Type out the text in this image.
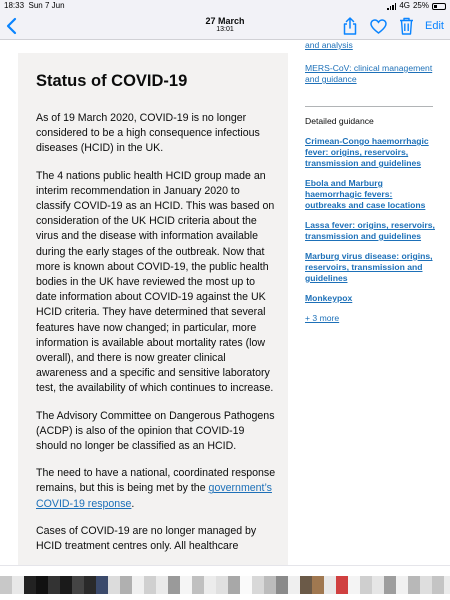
18:33 Sun 7 Jun	4G 25%
27 March
13:01	Edit
Status of COVID-19

As of 19 March 2020, COVID-19 is no longer considered to be a high consequence infectious diseases (HCID) in the UK.

The 4 nations public health HCID group made an interim recommendation in January 2020 to classify COVID-19 as an HCID. This was based on consideration of the UK HCID criteria about the virus and the disease with information available during the early stages of the outbreak. Now that more is known about COVID-19, the public health bodies in the UK have reviewed the most up to date information about COVID-19 against the UK HCID criteria. They have determined that several features have now changed; in particular, more information is available about mortality rates (low overall), and there is now greater clinical awareness and a specific and sensitive laboratory test, the availability of which continues to increase.

The Advisory Committee on Dangerous Pathogens (ACDP) is also of the opinion that COVID-19 should no longer be classified as an HCID.

The need to have a national, coordinated response remains, but this is being met by the government’s COVID-19 response.

Cases of COVID-19 are no longer managed by HCID treatment centres only. All healthcare

and analysis
MERS-CoV: clinical management and guidance
Detailed guidance
Crimean-Congo haemorrhagic fever: origins, reservoirs, transmission and guidelines
Ebola and Marburg haemorrhagic fevers: outbreaks and case locations
Lassa fever: origins, reservoirs, transmission and guidelines
Marburg virus disease: origins, reservoirs, transmission and guidelines
Monkeypox
+ 3 more
